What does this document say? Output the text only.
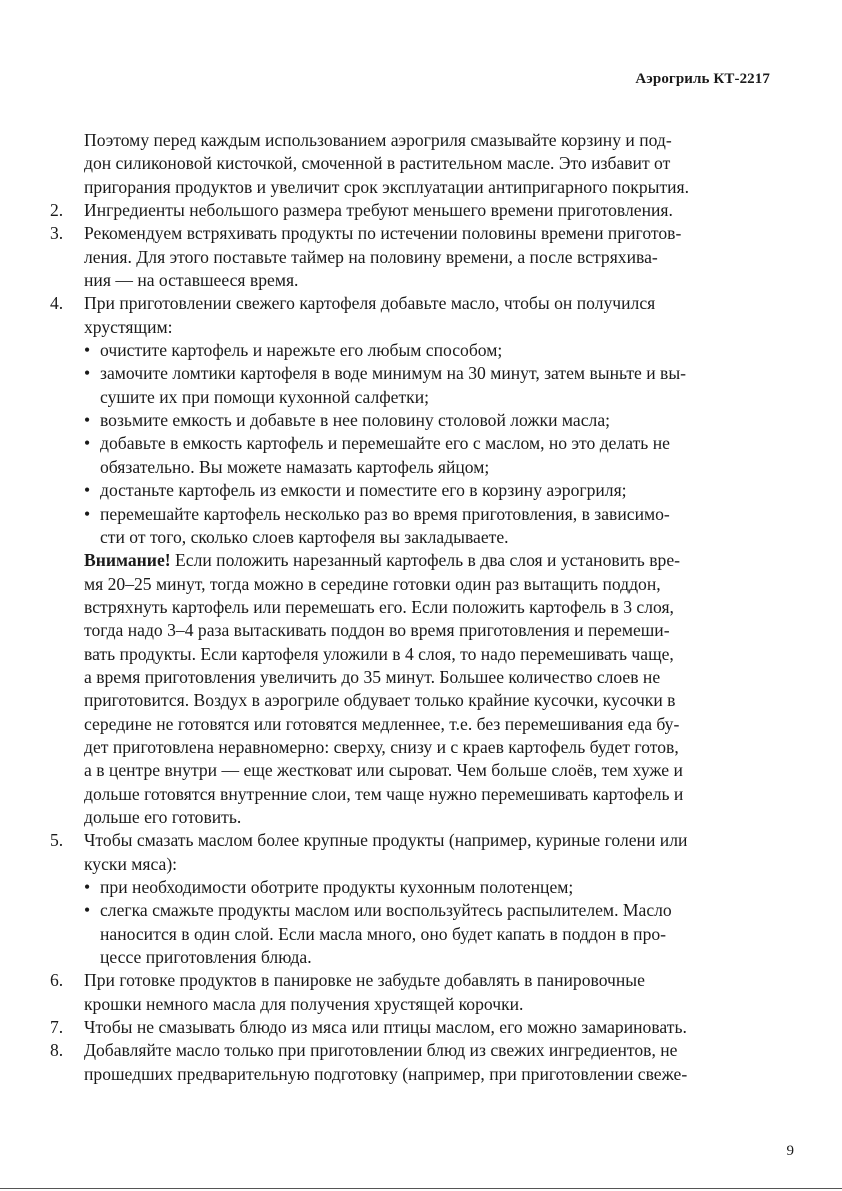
Аэрогриль КТ-2217
Поэтому перед каждым использованием аэрогриля смазывайте корзину и под-
дон силиконовой кисточкой, смоченной в растительном масле. Это избавит от
пригорания продуктов и увеличит срок эксплуатации антипригарного покрытия.
2. Ингредиенты небольшого размера требуют меньшего времени приготовления.
3. Рекомендуем встряхивать продукты по истечении половины времени приготов-
ления. Для этого поставьте таймер на половину времени, а после встряхива-
ния — на оставшееся время.
4. При приготовлении свежего картофеля добавьте масло, чтобы он получился
хрустящим:
• очистите картофель и нарежьте его любым способом;
• замочите ломтики картофеля в воде минимум на 30 минут, затем выньте и вы-
сушите их при помощи кухонной салфетки;
• возьмите емкость и добавьте в нее половину столовой ложки масла;
• добавьте в емкость картофель и перемешайте его с маслом, но это делать не
обязательно. Вы можете намазать картофель яйцом;
• достаньте картофель из емкости и поместите его в корзину аэрогриля;
• перемешайте картофель несколько раз во время приготовления, в зависимо-
сти от того, сколько слоев картофеля вы закладываете.
Внимание! Если положить нарезанный картофель в два слоя и установить вре-
мя 20–25 минут, тогда можно в середине готовки один раз вытащить поддон,
встряхнуть картофель или перемешать его. Если положить картофель в 3 слоя,
тогда надо 3–4 раза вытаскивать поддон во время приготовления и перемеши-
вать продукты. Если картофеля уложили в 4 слоя, то надо перемешивать чаще,
а время приготовления увеличить до 35 минут. Большее количество слоев не
приготовится. Воздух в аэрогриле обдувает только крайние кусочки, кусочки в
середине не готовятся или готовятся медленнее, т.е. без перемешивания еда бу-
дет приготовлена неравномерно: сверху, снизу и с краев картофель будет готов,
а в центре внутри — еще жестковат или сыроват. Чем больше слоёв, тем хуже и
дольше готовятся внутренние слои, тем чаще нужно перемешивать картофель и
дольше его готовить.
5. Чтобы смазать маслом более крупные продукты (например, куриные голени или
куски мяса):
• при необходимости оботрите продукты кухонным полотенцем;
• слегка смажьте продукты маслом или воспользуйтесь распылителем. Масло
наносится в один слой. Если масла много, оно будет капать в поддон в про-
цессе приготовления блюда.
6. При готовке продуктов в панировке не забудьте добавлять в панировочные
крошки немного масла для получения хрустящей корочки.
7. Чтобы не смазывать блюдо из мяса или птицы маслом, его можно замариновать.
8. Добавляйте масло только при приготовлении блюд из свежих ингредиентов, не
прошедших предварительную подготовку (например, при приготовлении свеже-
9
